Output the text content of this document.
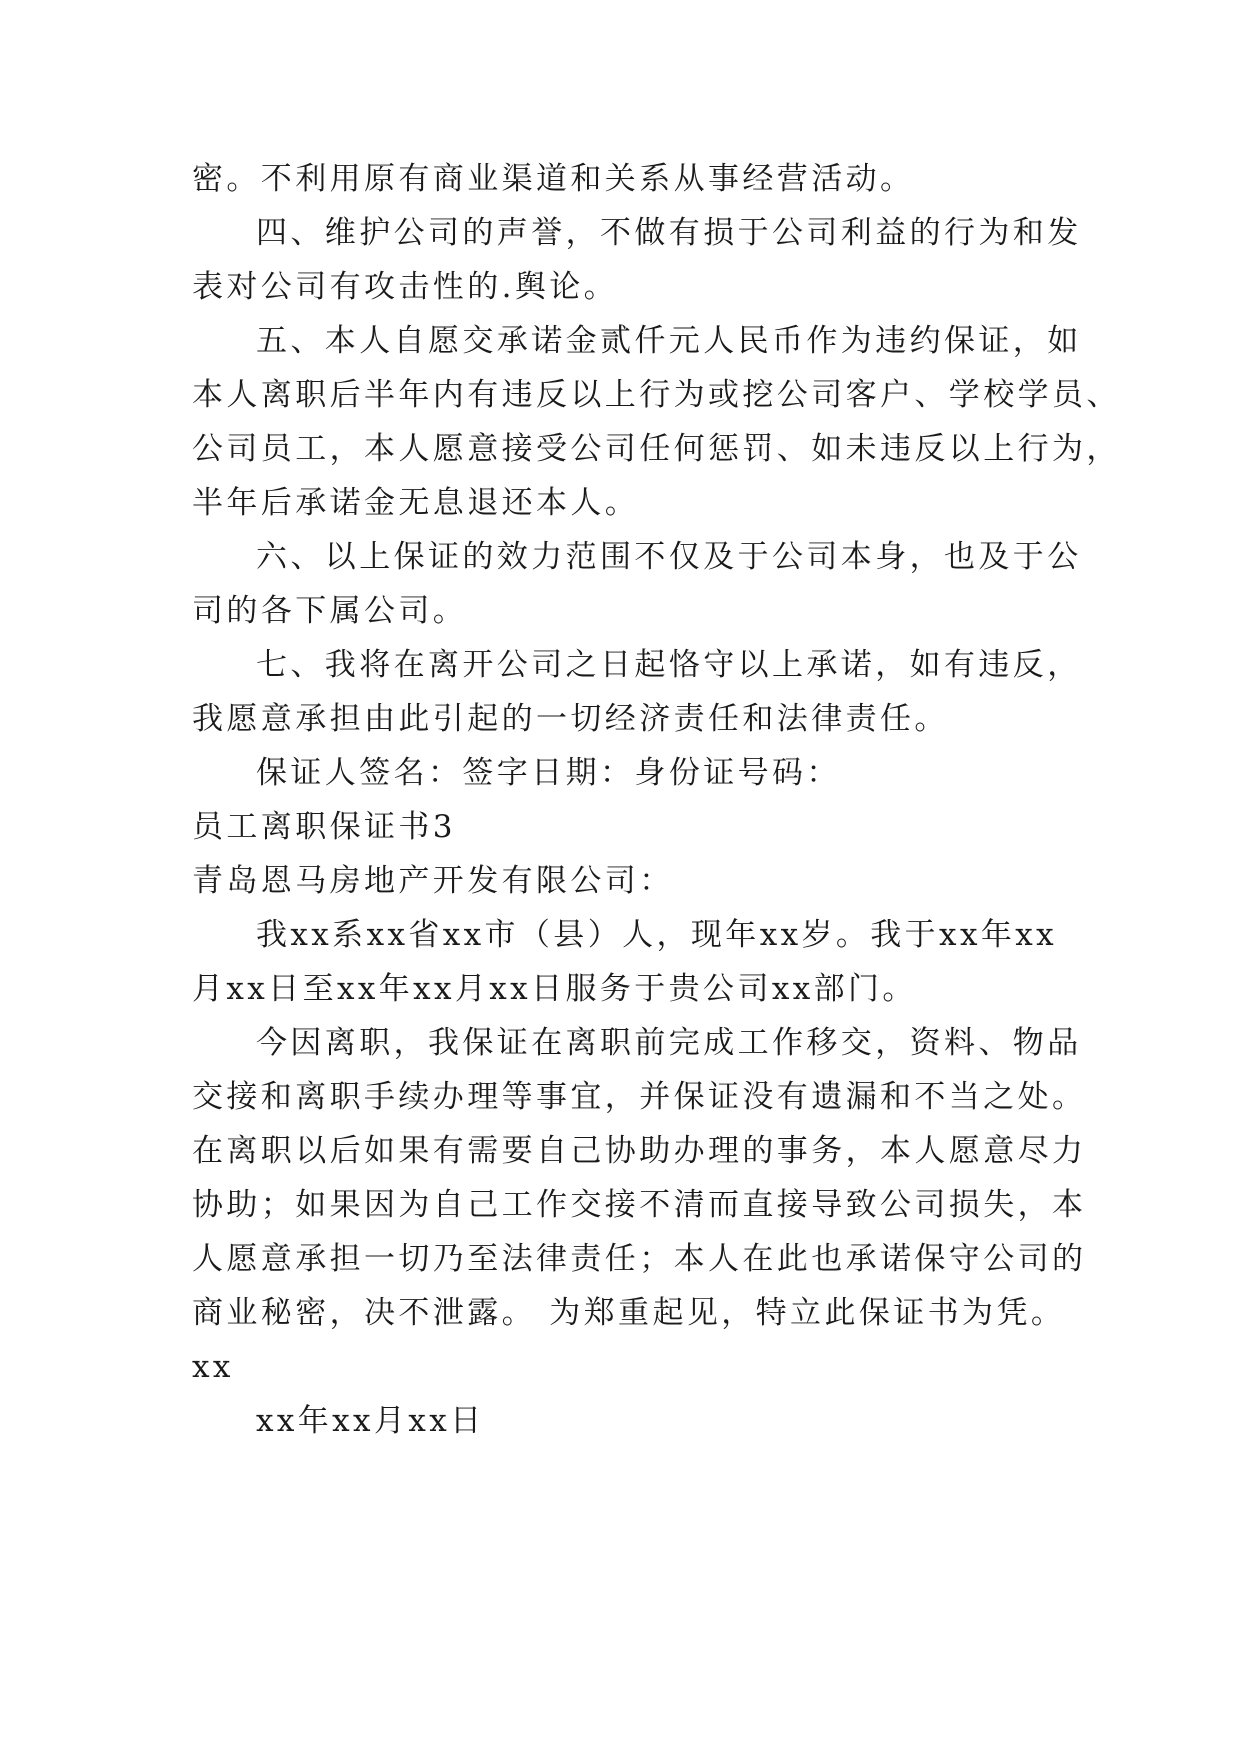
密。不利用原有商业渠道和关系从事经营活动。
四、维护公司的声誉，不做有损于公司利益的行为和发
表对公司有攻击性的.舆论。
五、本人自愿交承诺金贰仟元人民币作为违约保证，如
本人离职后半年内有违反以上行为或挖公司客户、学校学员、
公司员工，本人愿意接受公司任何惩罚、如未违反以上行为，
半年后承诺金无息退还本人。
六、以上保证的效力范围不仅及于公司本身，也及于公
司的各下属公司。
七、我将在离开公司之日起恪守以上承诺，如有违反，
我愿意承担由此引起的一切经济责任和法律责任。
保证人签名：签字日期：身份证号码：
员工离职保证书3
青岛恩马房地产开发有限公司：
我xx系xx省xx市（县）人，现年xx岁。我于xx年xx
月xx日至xx年xx月xx日服务于贵公司xx部门。
今因离职，我保证在离职前完成工作移交，资料、物品
交接和离职手续办理等事宜，并保证没有遗漏和不当之处。
在离职以后如果有需要自己协助办理的事务，本人愿意尽力
协助；如果因为自己工作交接不清而直接导致公司损失，本
人愿意承担一切乃至法律责任；本人在此也承诺保守公司的
商业秘密，决不泄露。 为郑重起见，特立此保证书为凭。
xx
xx年xx月xx日
